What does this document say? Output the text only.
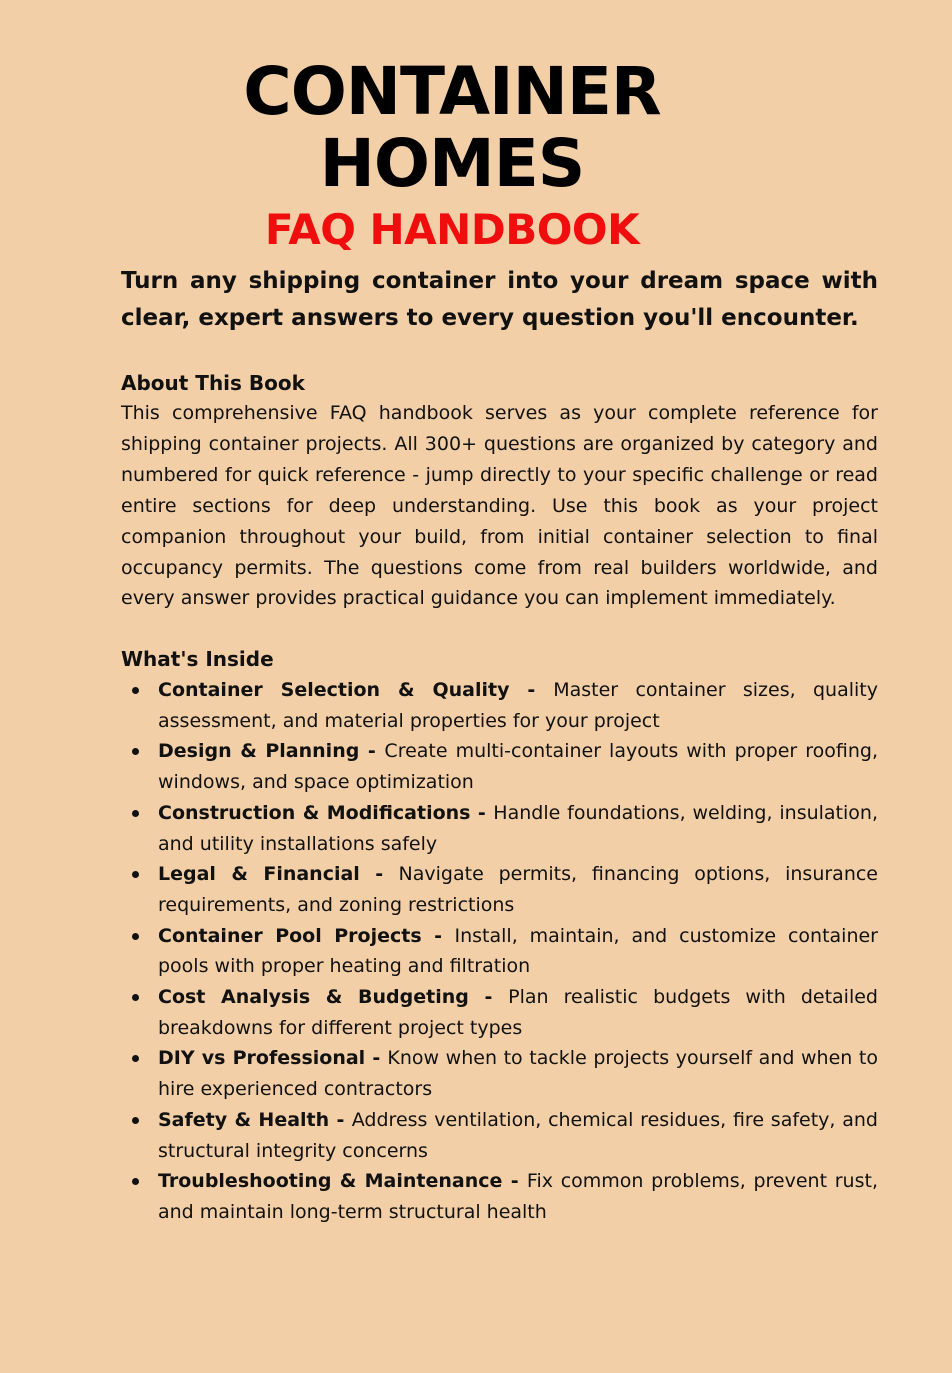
CONTAINER
HOMES
FAQ HANDBOOK

Turn any shipping container into your dream space with clear, expert answers to every question you'll encounter.

About This Book

This comprehensive FAQ handbook serves as your complete reference for shipping container projects. All 300+ questions are organized by category and numbered for quick reference - jump directly to your specific challenge or read entire sections for deep understanding. Use this book as your project companion throughout your build, from initial container selection to final occupancy permits. The questions come from real builders worldwide, and every answer provides practical guidance you can implement immediately.

What's Inside
Container Selection & Quality - Master container sizes, quality assessment, and material properties for your project
Design & Planning - Create multi-container layouts with proper roofing, windows, and space optimization
Construction & Modifications - Handle foundations, welding, insulation, and utility installations safely
Legal & Financial - Navigate permits, financing options, insurance requirements, and zoning restrictions
Container Pool Projects - Install, maintain, and customize container pools with proper heating and filtration
Cost Analysis & Budgeting - Plan realistic budgets with detailed breakdowns for different project types
DIY vs Professional - Know when to tackle projects yourself and when to hire experienced contractors
Safety & Health - Address ventilation, chemical residues, fire safety, and structural integrity concerns
Troubleshooting & Maintenance - Fix common problems, prevent rust, and maintain long-term structural health
